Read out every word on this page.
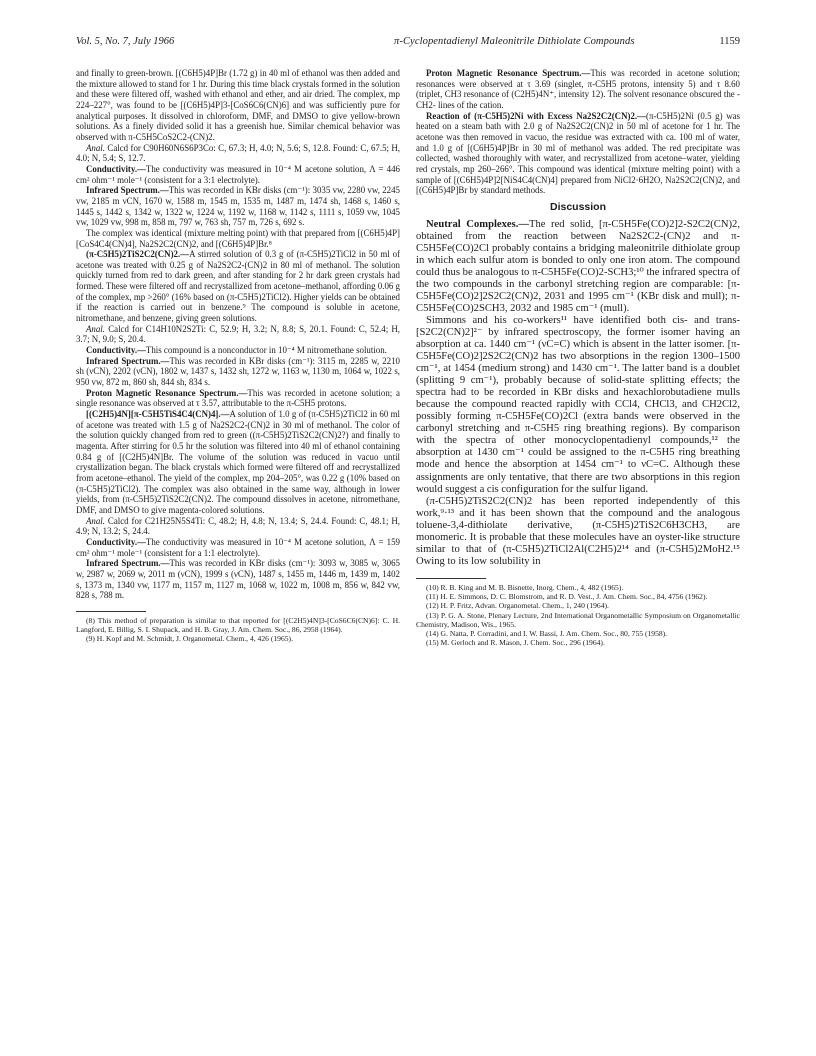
Vol. 5, No. 7, July 1966	π-Cyclopentadienyl Maleonitrile Dithiolate Compounds	1159

and finally to green-brown. [(C6H5)4P]Br (1.72 g) in 40 ml of ethanol was then added and the mixture allowed to stand for 1 hr. During this time black crystals formed in the solution and these were filtered off, washed with ethanol and ether, and air dried. The complex, mp 224–227°, was found to be [(C6H5)4P]3-[CoS6C6(CN)6] and was sufficiently pure for analytical purposes. It dissolved in chloroform, DMF, and DMSO to give yellow-brown solutions. As a finely divided solid it has a greenish hue. Similar chemical behavior was observed with π-C5H5CoS2C2-(CN)2.

Anal. Calcd for C90H60N6S6P3Co: C, 67.3; H, 4.0; N, 5.6; S, 12.8. Found: C, 67.5; H, 4.0; N, 5.4; S, 12.7.

Conductivity.—The conductivity was measured in 10⁻⁴ M acetone solution, Λ = 446 cm² ohm⁻¹ mole⁻¹ (consistent for a 3:1 electrolyte).

Infrared Spectrum.—This was recorded in KBr disks (cm⁻¹): 3035 vw, 2280 vw, 2245 vw, 2185 m νCN, 1670 w, 1588 m, 1545 m, 1535 m, 1487 m, 1474 sh, 1468 s, 1460 s, 1445 s, 1442 s, 1342 w, 1322 w, 1224 w, 1192 w, 1168 w, 1142 s, 1111 s, 1059 vw, 1045 vw, 1029 vw, 998 m, 858 m, 797 w, 763 sh, 757 m, 726 s, 692 s.

The complex was identical (mixture melting point) with that prepared from [(C6H5)4P][CoS4C4(CN)4], Na2S2C2(CN)2, and [(C6H5)4P]Br.⁸

(π-C5H5)2TiS2C2(CN)2.—A stirred solution of 0.3 g of (π-C5H5)2TiCl2 in 50 ml of acetone was treated with 0.25 g of Na2S2C2-(CN)2 in 80 ml of methanol. The solution quickly turned from red to dark green, and after standing for 2 hr dark green crystals had formed. These were filtered off and recrystallized from acetone–methanol, affording 0.06 g of the complex, mp >260° (16% based on (π-C5H5)2TiCl2). Higher yields can be obtained if the reaction is carried out in benzene.⁹ The compound is soluble in acetone, nitromethane, and benzene, giving green solutions.

Anal. Calcd for C14H10N2S2Ti: C, 52.9; H, 3.2; N, 8.8; S, 20.1. Found: C, 52.4; H, 3.7; N, 9.0; S, 20.4.

Conductivity.—This compound is a nonconductor in 10⁻⁴ M nitromethane solution.

Infrared Spectrum.—This was recorded in KBr disks (cm⁻¹): 3115 m, 2285 w, 2210 sh (νCN), 2202 (νCN), 1802 w, 1437 s, 1432 sh, 1272 w, 1163 w, 1130 m, 1064 w, 1022 s, 950 vw, 872 m, 860 sh, 844 sh, 834 s.

Proton Magnetic Resonance Spectrum.—This was recorded in acetone solution; a single resonance was observed at τ 3.57, attributable to the π-C5H5 protons.

[(C2H5)4N][π-C5H5TiS4C4(CN)4].—A solution of 1.0 g of (π-C5H5)2TiCl2 in 60 ml of acetone was treated with 1.5 g of Na2S2C2-(CN)2 in 30 ml of methanol. The color of the solution quickly changed from red to green ((π-C5H5)2TiS2C2(CN)2?) and finally to magenta. After stirring for 0.5 hr the solution was filtered into 40 ml of ethanol containing 0.84 g of [(C2H5)4N]Br. The volume of the solution was reduced in vacuo until crystallization began. The black crystals which formed were filtered off and recrystallized from acetone–ethanol. The yield of the complex, mp 204–205°, was 0.22 g (10% based on (π-C5H5)2TiCl2). The complex was also obtained in the same way, although in lower yields, from (π-C5H5)2TiS2C2(CN)2. The compound dissolves in acetone, nitromethane, DMF, and DMSO to give magenta-colored solutions.

Anal. Calcd for C21H25N5S4Ti: C, 48.2; H, 4.8; N, 13.4; S, 24.4. Found: C, 48.1; H, 4.9; N, 13.2; S, 24.4.

Conductivity.—The conductivity was measured in 10⁻⁴ M acetone solution, Λ = 159 cm² ohm⁻¹ mole⁻¹ (consistent for a 1:1 electrolyte).

Infrared Spectrum.—This was recorded in KBr disks (cm⁻¹): 3093 w, 3085 w, 3065 w, 2987 w, 2069 w, 2011 m (νCN), 1999 s (νCN), 1487 s, 1455 m, 1446 m, 1439 m, 1402 s, 1373 m, 1340 vw, 1177 m, 1157 m, 1127 m, 1068 w, 1022 m, 1008 m, 856 w, 842 vw, 828 s, 788 m.

(8) This method of preparation is similar to that reported for [(C2H5)4N]3-[CoS6C6(CN)6]: C. H. Langford, E. Billig, S. I. Shupack, and H. B. Gray, J. Am. Chem. Soc., 86, 2958 (1964).

(9) H. Kopf and M. Schmidt, J. Organometal. Chem., 4, 426 (1965).

Proton Magnetic Resonance Spectrum.—This was recorded in acetone solution; resonances were observed at τ 3.69 (singlet, π-C5H5 protons, intensity 5) and τ 8.60 (triplet, CH3 resonance of (C2H5)4N⁺, intensity 12). The solvent resonance obscured the -CH2- lines of the cation.

Reaction of (π-C5H5)2Ni with Excess Na2S2C2(CN)2.—(π-C5H5)2Ni (0.5 g) was heated on a steam bath with 2.0 g of Na2S2C2(CN)2 in 50 ml of acetone for 1 hr. The acetone was then removed in vacuo, the residue was extracted with ca. 100 ml of water, and 1.0 g of [(C6H5)4P]Br in 30 ml of methanol was added. The red precipitate was collected, washed thoroughly with water, and recrystallized from acetone–water, yielding red crystals, mp 260–266°. This compound was identical (mixture melting point) with a sample of [(C6H5)4P]2[NiS4C4(CN)4] prepared from NiCl2·6H2O, Na2S2C2(CN)2, and [(C6H5)4P]Br by standard methods.

Discussion

Neutral Complexes.—The red solid, [π-C5H5Fe(CO)2]2-S2C2(CN)2, obtained from the reaction between Na2S2C2-(CN)2 and π-C5H5Fe(CO)2Cl probably contains a bridging maleonitrile dithiolate group in which each sulfur atom is bonded to only one iron atom. The compound could thus be analogous to π-C5H5Fe(CO)2-SCH3;¹⁰ the infrared spectra of the two compounds in the carbonyl stretching region are comparable: [π-C5H5Fe(CO)2]2S2C2(CN)2, 2031 and 1995 cm⁻¹ (KBr disk and mull); π-C5H5Fe(CO)2SCH3, 2032 and 1985 cm⁻¹ (mull).

Simmons and his co-workers¹¹ have identified both cis- and trans-[S2C2(CN)2]²⁻ by infrared spectroscopy, the former isomer having an absorption at ca. 1440 cm⁻¹ (νC=C) which is absent in the latter isomer. [π-C5H5Fe(CO)2]2S2C2(CN)2 has two absorptions in the region 1300–1500 cm⁻¹, at 1454 (medium strong) and 1430 cm⁻¹. The latter band is a doublet (splitting 9 cm⁻¹), probably because of solid-state splitting effects; the spectra had to be recorded in KBr disks and hexachlorobutadiene mulls because the compound reacted rapidly with CCl4, CHCl3, and CH2Cl2, possibly forming π-C5H5Fe(CO)2Cl (extra bands were observed in the carbonyl stretching and π-C5H5 ring breathing regions). By comparison with the spectra of other monocyclopentadienyl compounds,¹² the absorption at 1430 cm⁻¹ could be assigned to the π-C5H5 ring breathing mode and hence the absorption at 1454 cm⁻¹ to νC=C. Although these assignments are only tentative, that there are two absorptions in this region would suggest a cis configuration for the sulfur ligand.

(π-C5H5)2TiS2C2(CN)2 has been reported independently of this work,⁹·¹³ and it has been shown that the compound and the analogous toluene-3,4-dithiolate derivative, (π-C5H5)2TiS2C6H3CH3, are monomeric. It is probable that these molecules have an oyster-like structure similar to that of (π-C5H5)2TiCl2Al(C2H5)2¹⁴ and (π-C5H5)2MoH2.¹⁵ Owing to its low solubility in

(10) R. B. King and M. B. Bisnette, Inorg. Chem., 4, 482 (1965).

(11) H. E. Simmons, D. C. Blomstrom, and R. D. Vest., J. Am. Chem. Soc., 84, 4756 (1962).

(12) H. P. Fritz, Advan. Organometal. Chem., 1, 240 (1964).

(13) P. G. A. Stone, Plenary Lecture, 2nd International Organometallic Symposium on Organometallic Chemistry, Madison, Wis., 1965.

(14) G. Natta, P. Corradini, and I. W. Bassi, J. Am. Chem. Soc., 80, 755 (1958).

(15) M. Gerloch and R. Mason, J. Chem. Soc., 296 (1964).
